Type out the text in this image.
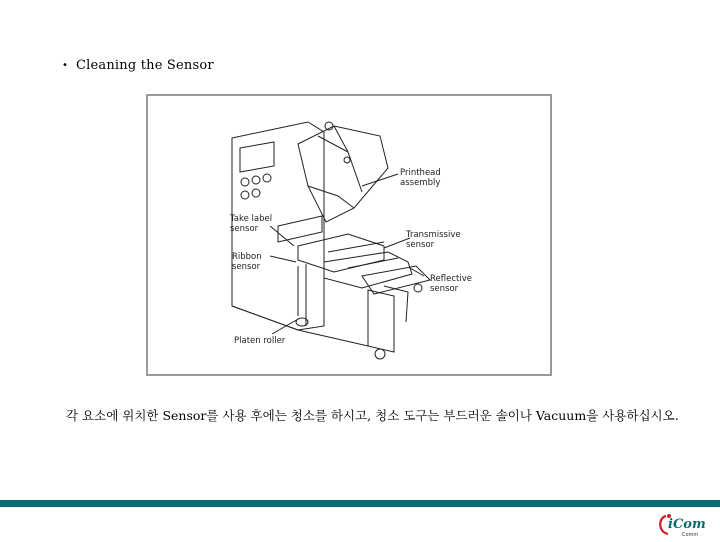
• Cleaning the Sensor
Printhead
assembly
Take label
sensor
Transmissive
sensor
Ribbon
sensor
Reflective
sensor
Platen roller
각 요소에 위치한 Sensor를 사용 후에는 청소를 하시고, 청소 도구는 부드러운 솔이나 Vacuum을 사용하십시오.
iCom
Comm
